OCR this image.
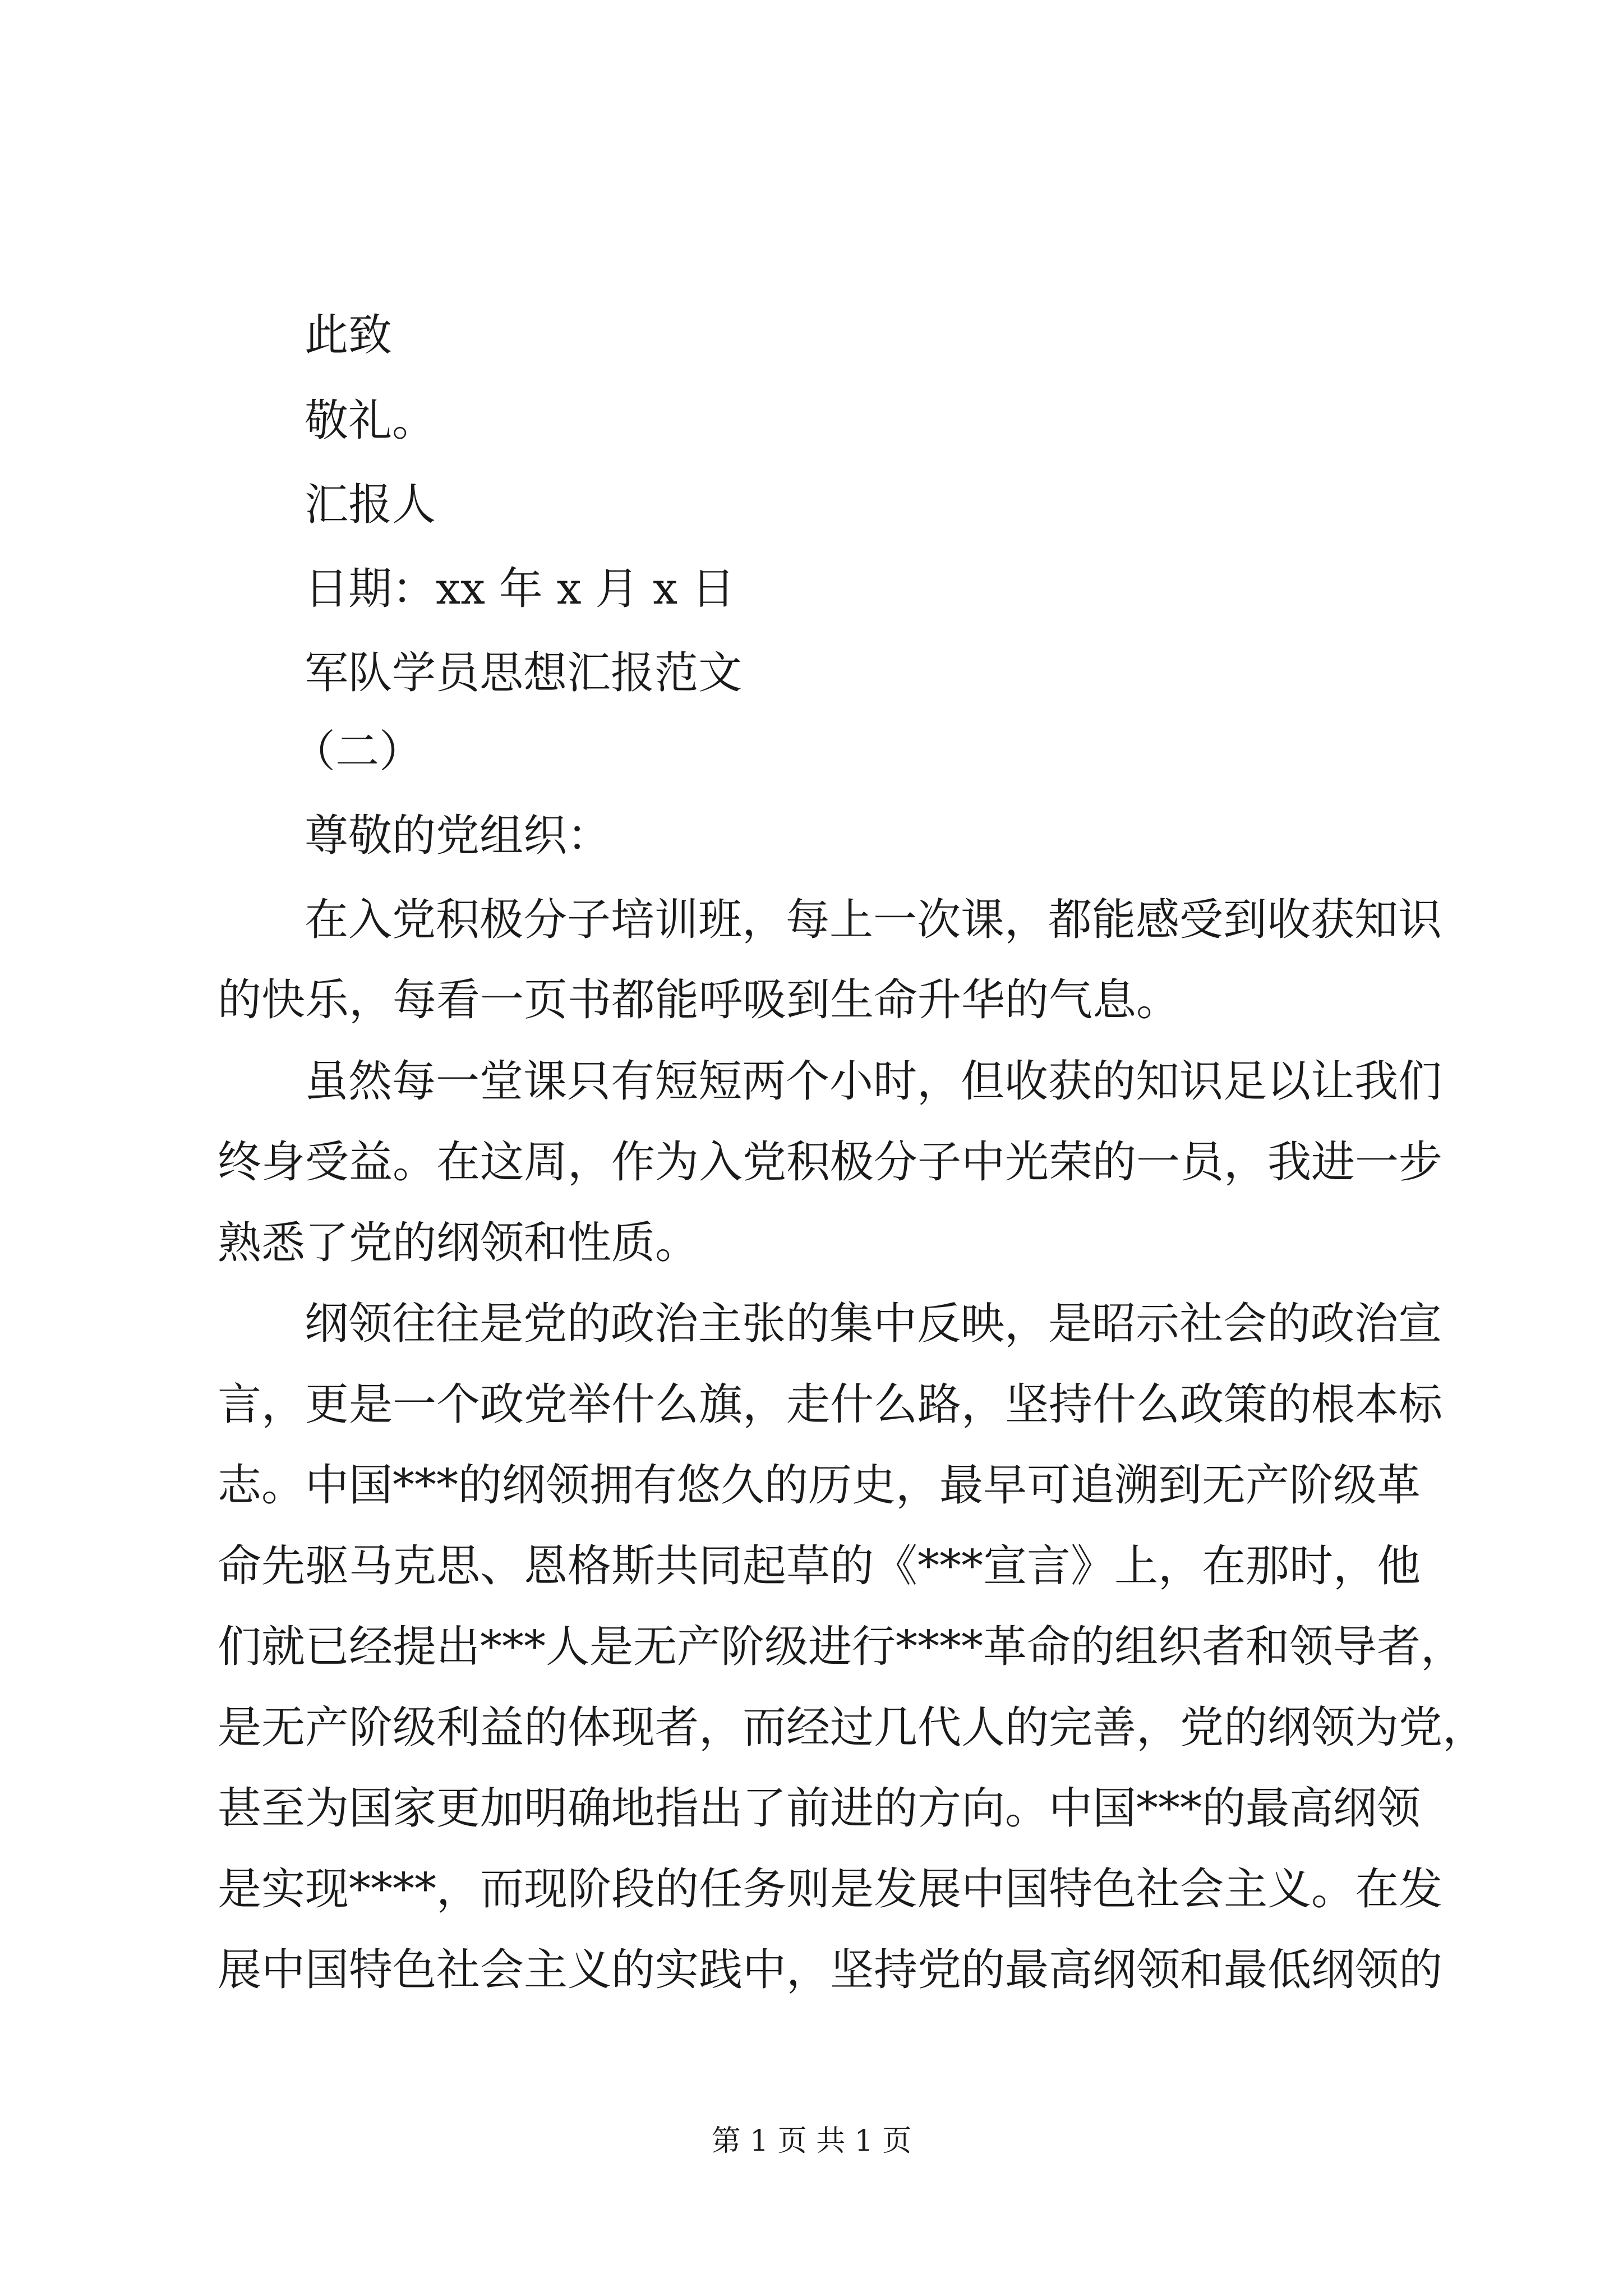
此致
敬礼。
汇报人
日期：xx 年 x 月 x 日
军队学员思想汇报范文
（二）
尊敬的党组织：
在入党积极分子培训班，每上一次课，都能感受到收获知识
的快乐，每看一页书都能呼吸到生命升华的气息。
虽然每一堂课只有短短两个小时，但收获的知识足以让我们
终身受益。在这周，作为入党积极分子中光荣的一员，我进一步
熟悉了党的纲领和性质。
纲领往往是党的政治主张的集中反映，是昭示社会的政治宣
言，更是一个政党举什么旗，走什么路，坚持什么政策的根本标
志。中国***的纲领拥有悠久的历史，最早可追溯到无产阶级革
命先驱马克思、恩格斯共同起草的《***宣言》上，在那时，他
们就已经提出***人是无产阶级进行****革命的组织者和领导者，
是无产阶级利益的体现者，而经过几代人的完善，党的纲领为党，
甚至为国家更加明确地指出了前进的方向。中国***的最高纲领
是实现****，而现阶段的任务则是发展中国特色社会主义。在发
展中国特色社会主义的实践中，坚持党的最高纲领和最低纲领的
第 1 页 共 1 页
